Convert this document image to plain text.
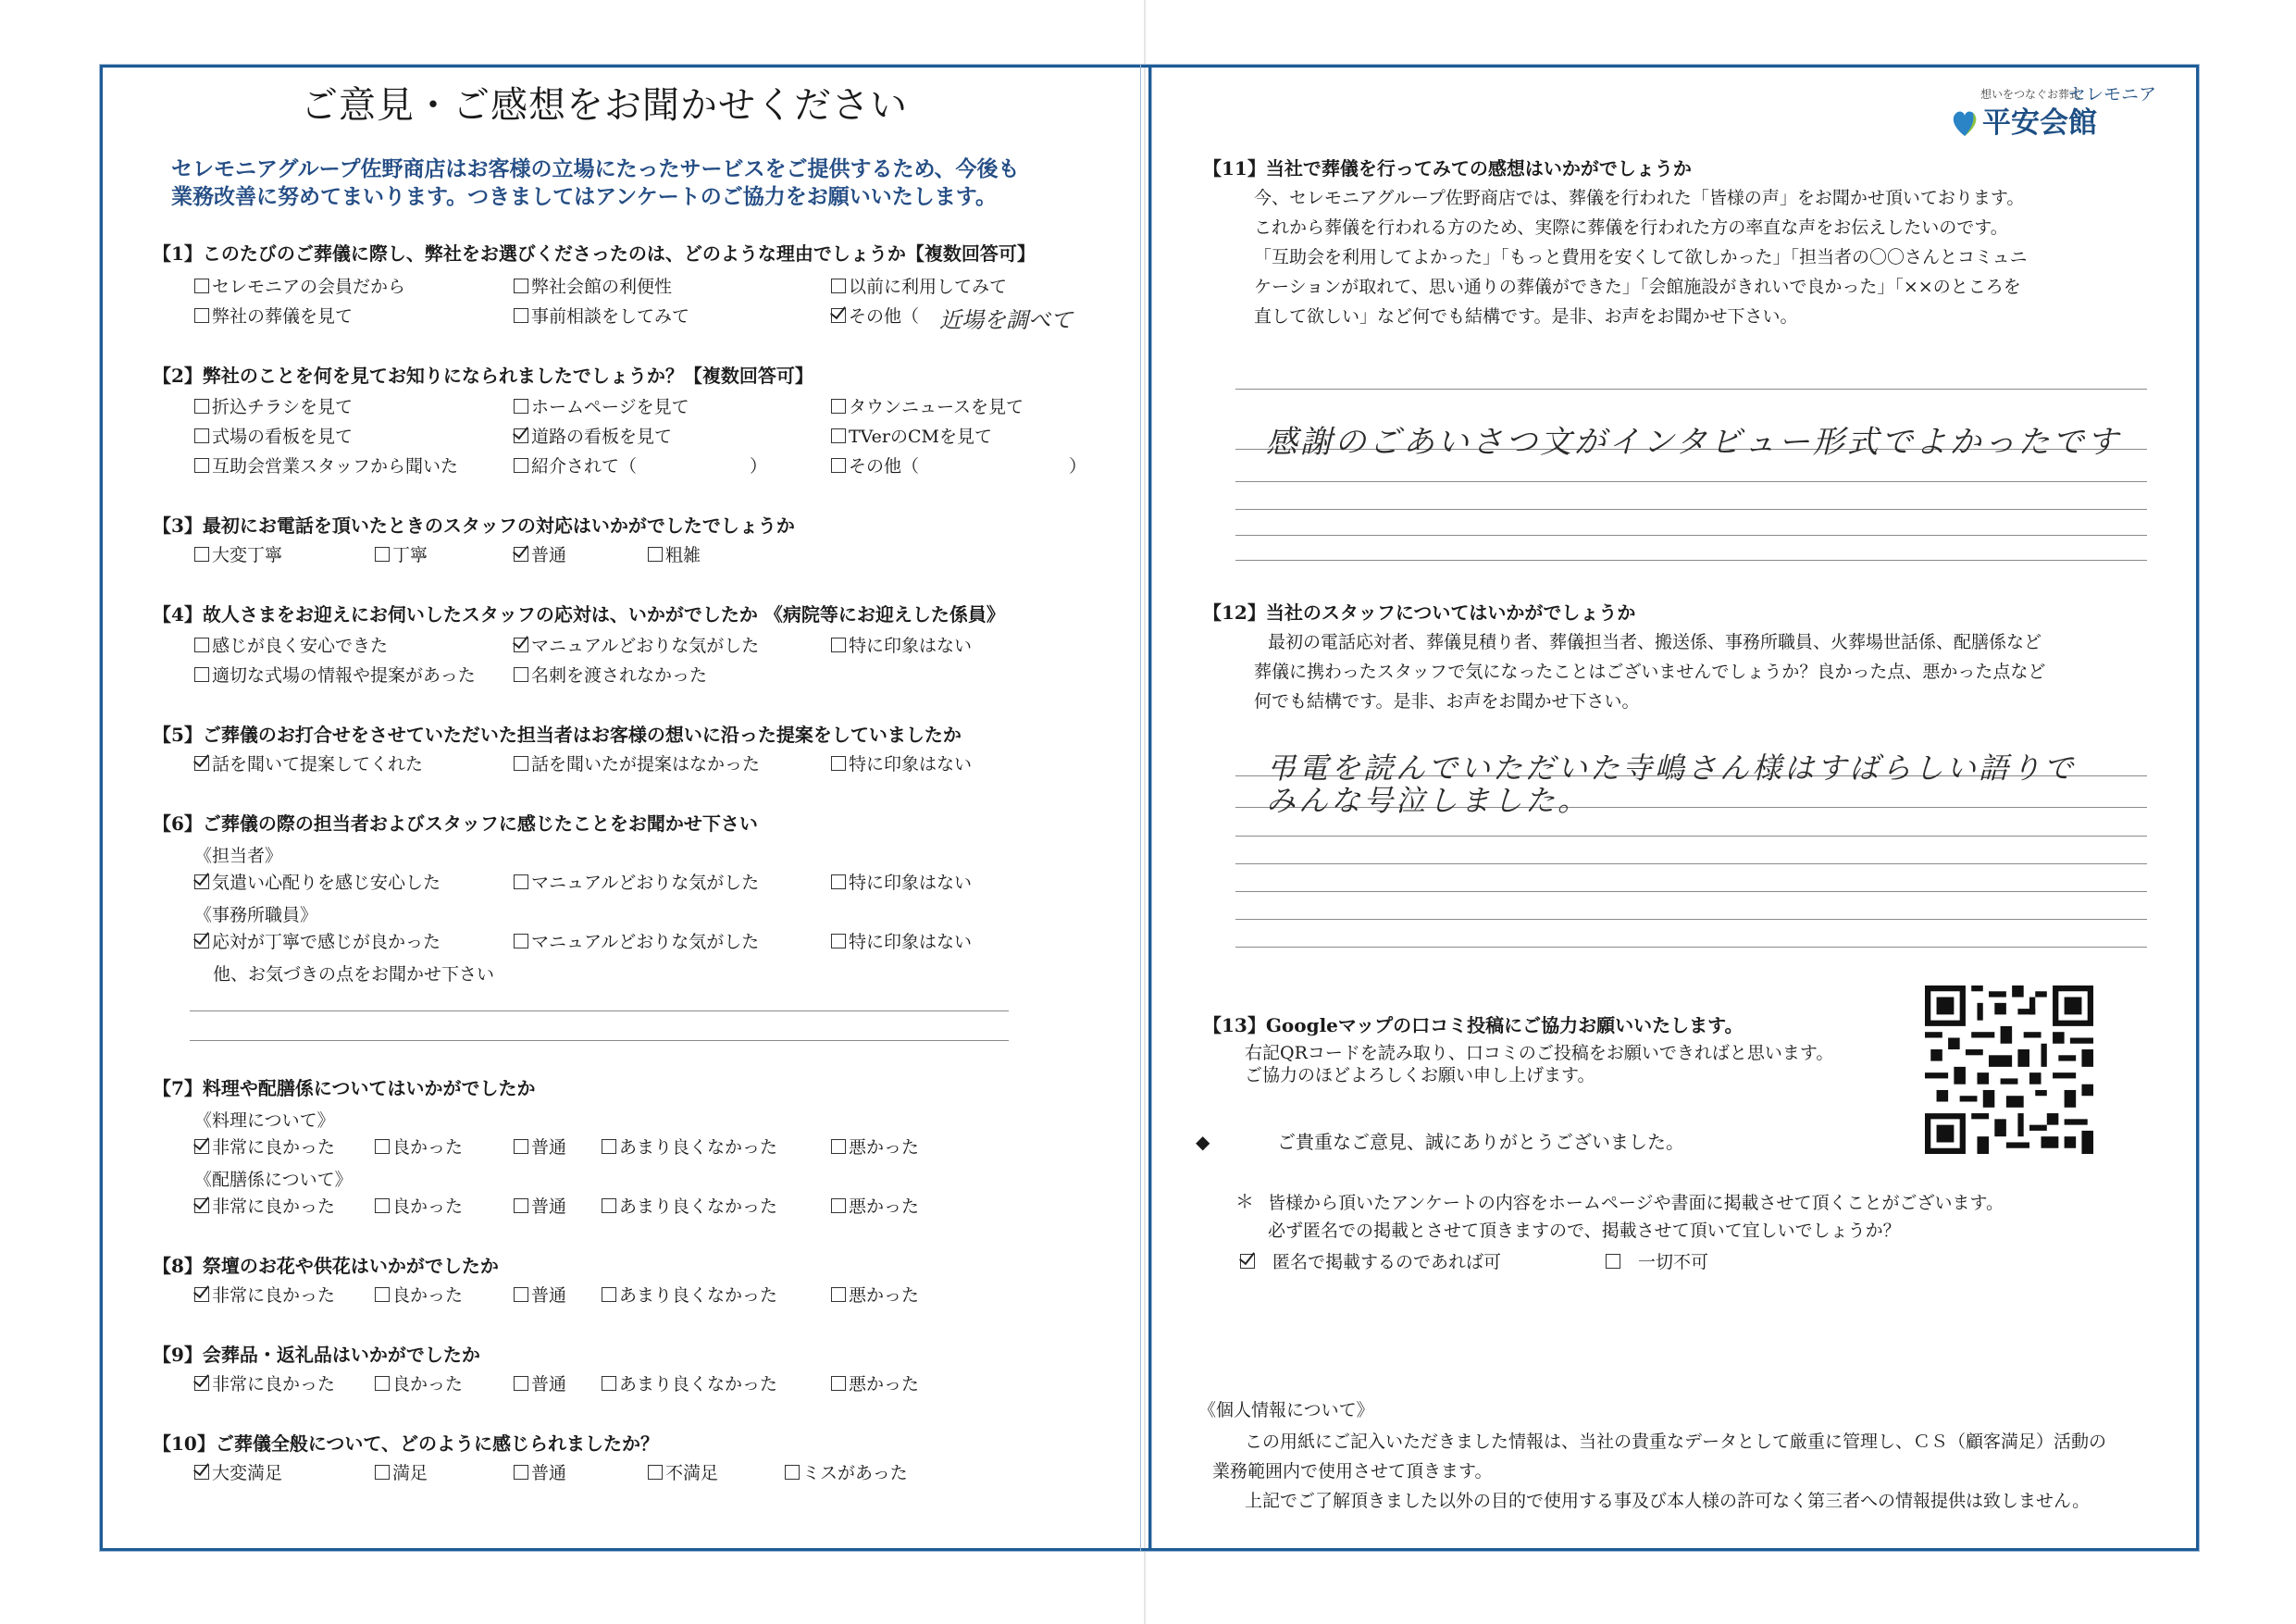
ご意見・ご感想をお聞かせください
セレモニアグループ佐野商店はお客様の立場にたったサービスをご提供するため、今後も
業務改善に努めてまいります。つきましてはアンケートのご協力をお願いいたします。
【1】このたびのご葬儀に際し、弊社をお選びくださったのは、どのような理由でしょうか【複数回答可】
セレモニアの会員だから	弊社会館の利便性	以前に利用してみて
弊社の葬儀を見て	事前相談をしてみて	その他（ 近場を調べて
【2】弊社のことを何を見てお知りになられましたでしょうか？【複数回答可】
折込チラシを見て	ホームページを見て	タウンニュースを見て
式場の看板を見て	道路の看板を見て	TVerのCMを見て
互助会営業スタッフから聞いた	紹介されて（	）	その他（	）
【3】最初にお電話を頂いたときのスタッフの対応はいかがでしたでしょうか
大変丁寧	丁寧	普通	粗雑
【4】故人さまをお迎えにお伺いしたスタッフの応対は、いかがでしたか 《病院等にお迎えした係員》
感じが良く安心できた	マニュアルどおりな気がした	特に印象はない
適切な式場の情報や提案があった	名刺を渡されなかった
【5】ご葬儀のお打合せをさせていただいた担当者はお客様の想いに沿った提案をしていましたか
話を聞いて提案してくれた	話を聞いたが提案はなかった	特に印象はない
【6】ご葬儀の際の担当者およびスタッフに感じたことをお聞かせ下さい
《担当者》
気遣い心配りを感じ安心した	マニュアルどおりな気がした	特に印象はない
《事務所職員》
応対が丁寧で感じが良かった	マニュアルどおりな気がした	特に印象はない
他、お気づきの点をお聞かせ下さい
【7】料理や配膳係についてはいかがでしたか
《料理について》
非常に良かった	良かった	普通	あまり良くなかった	悪かった
《配膳係について》
非常に良かった	良かった	普通	あまり良くなかった	悪かった
【8】祭壇のお花や供花はいかがでしたか
非常に良かった	良かった	普通	あまり良くなかった	悪かった
【9】会葬品・返礼品はいかがでしたか
非常に良かった	良かった	普通	あまり良くなかった	悪かった
【10】ご葬儀全般について、どのように感じられましたか？
大変満足	満足	普通	不満足	ミスがあった
想いをつなぐお葬式
セレモニア
平安会館
【11】当社で葬儀を行ってみての感想はいかがでしょうか
今、セレモニアグループ佐野商店では、葬儀を行われた「皆様の声」をお聞かせ頂いております。
これから葬儀を行われる方のため、実際に葬儀を行われた方の率直な声をお伝えしたいのです。
「互助会を利用してよかった」「もっと費用を安くして欲しかった」「担当者の〇〇さんとコミュニ
ケーションが取れて、思い通りの葬儀ができた」「会館施設がきれいで良かった」「××のところを
直して欲しい」など何でも結構です。是非、お声をお聞かせ下さい。
感謝のごあいさつ文がインタビュー形式でよかったです
【12】当社のスタッフについてはいかがでしょうか
最初の電話応対者、葬儀見積り者、葬儀担当者、搬送係、事務所職員、火葬場世話係、配膳係など
葬儀に携わったスタッフで気になったことはございませんでしょうか？良かった点、悪かった点など
何でも結構です。是非、お声をお聞かせ下さい。
弔電を読んでいただいた寺嶋さん様はすばらしい語りで
みんな号泣しました。
【13】Googleマップの口コミ投稿にご協力お願いいたします。
右記QRコードを読み取り、口コミのご投稿をお願いできればと思います。
ご協力のほどよろしくお願い申し上げます。
◆	ご貴重なご意見、誠にありがとうございました。
＊ 皆様から頂いたアンケートの内容をホームページや書面に掲載させて頂くことがございます。
必ず匿名での掲載とさせて頂きますので、掲載させて頂いて宜しいでしょうか？
匿名で掲載するのであれば可	一切不可
《個人情報について》
この用紙にご記入いただきました情報は、当社の貴重なデータとして厳重に管理し、ＣＳ（顧客満足）活動の
業務範囲内で使用させて頂きます。
上記でご了解頂きました以外の目的で使用する事及び本人様の許可なく第三者への情報提供は致しません。
